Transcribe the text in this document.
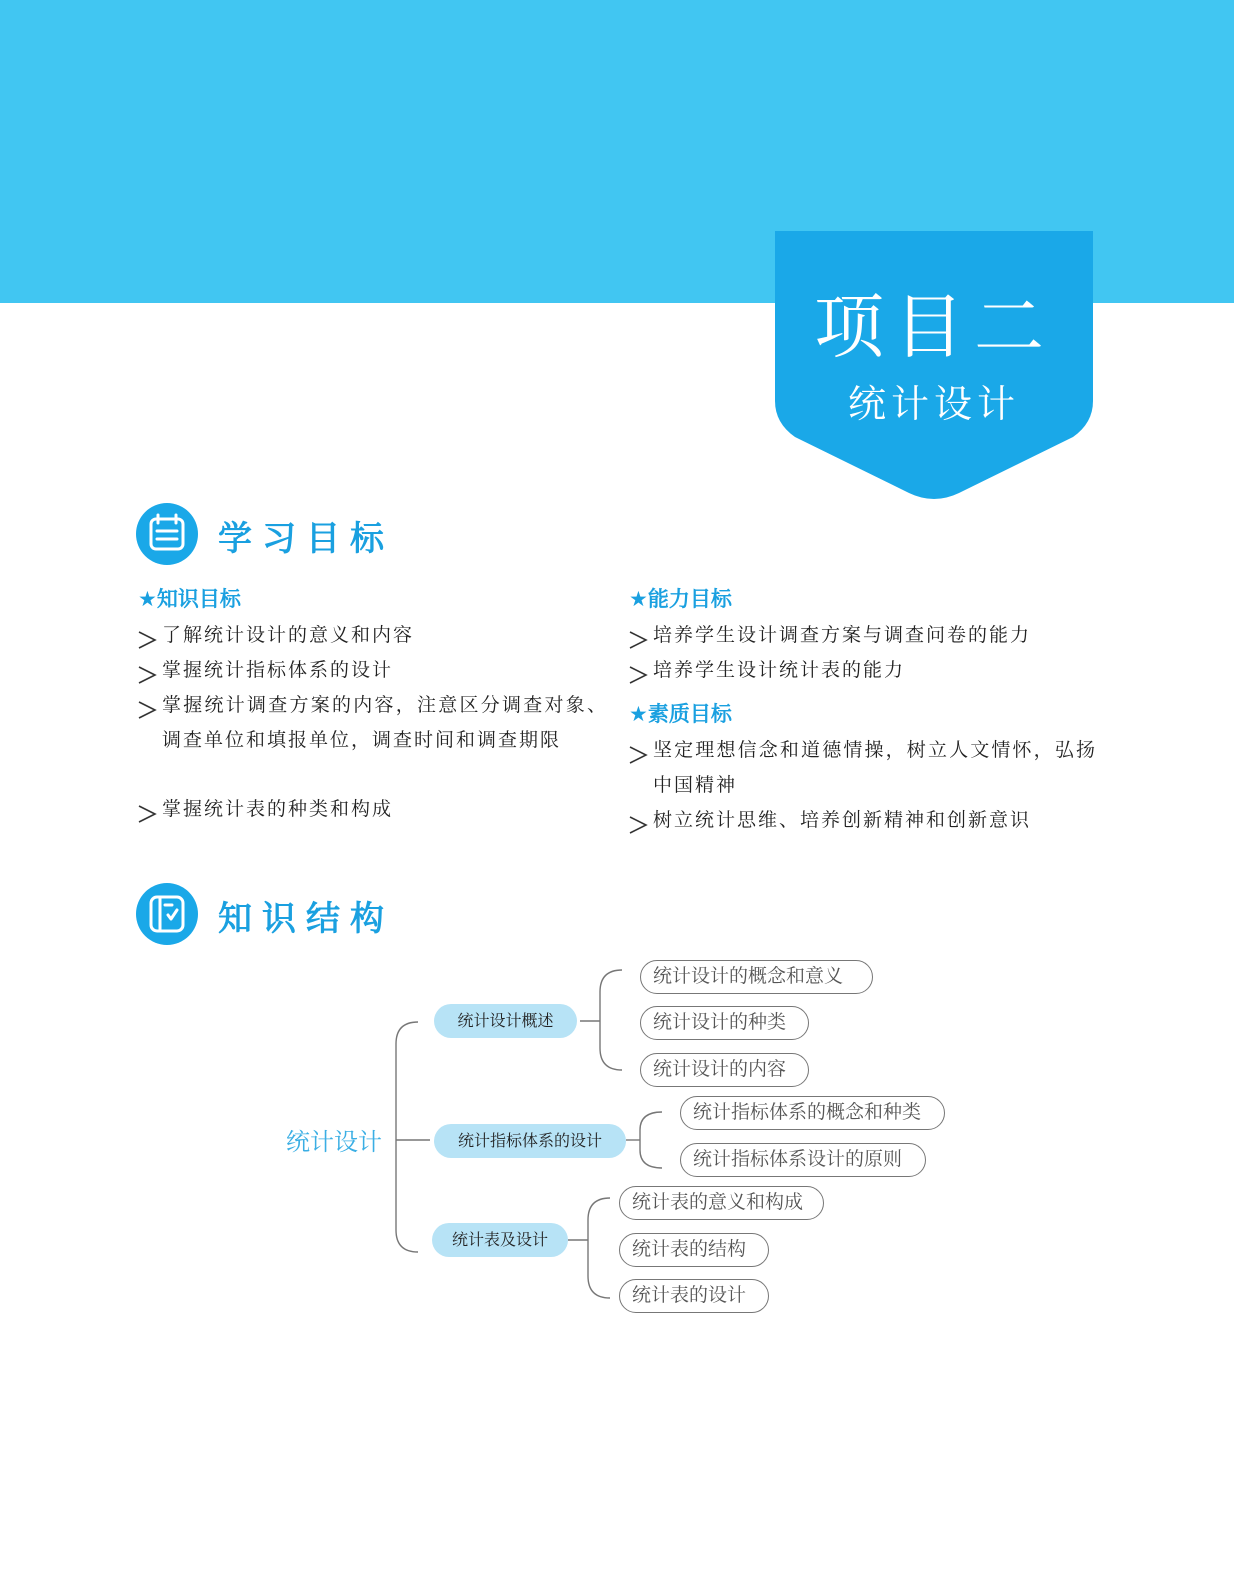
项目二
统计设计
学习目标
★知识目标
了解统计设计的意义和内容
掌握统计指标体系的设计
掌握统计调查方案的内容，注意区分调查对象、调查单位和填报单位，调查时间和调查期限
掌握统计表的种类和构成
★能力目标
培养学生设计调查方案与调查问卷的能力
培养学生设计统计表的能力
★素质目标
坚定理想信念和道德情操，树立人文情怀，弘扬中国精神
树立统计思维、培养创新精神和创新意识
知识结构
统计设计
统计设计概述
统计指标体系的设计
统计表及设计
统计设计的概念和意义
统计设计的种类
统计设计的内容
统计指标体系的概念和种类
统计指标体系设计的原则
统计表的意义和构成
统计表的结构
统计表的设计
